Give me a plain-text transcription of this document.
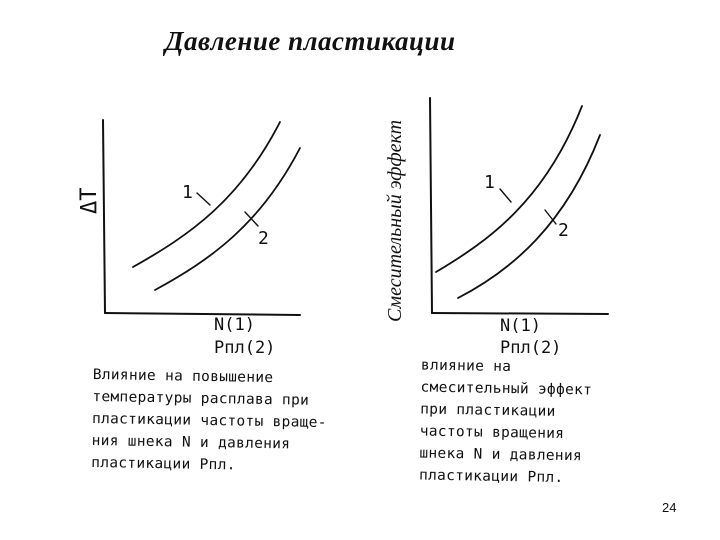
Давление пластикации
1
2
ΔT
N(1)
Pпл(2)
1
2
N(1)
Pпл(2)
Смесительный эффект
Влияние на повышение
температуры расплава при
пластикации частоты враще-
ния шнека N и давления
пластикации Pпл.
влияние на
смесительный эффект
при пластикации
частоты вращения
шнека N и давления
пластикации Pпл.
24
